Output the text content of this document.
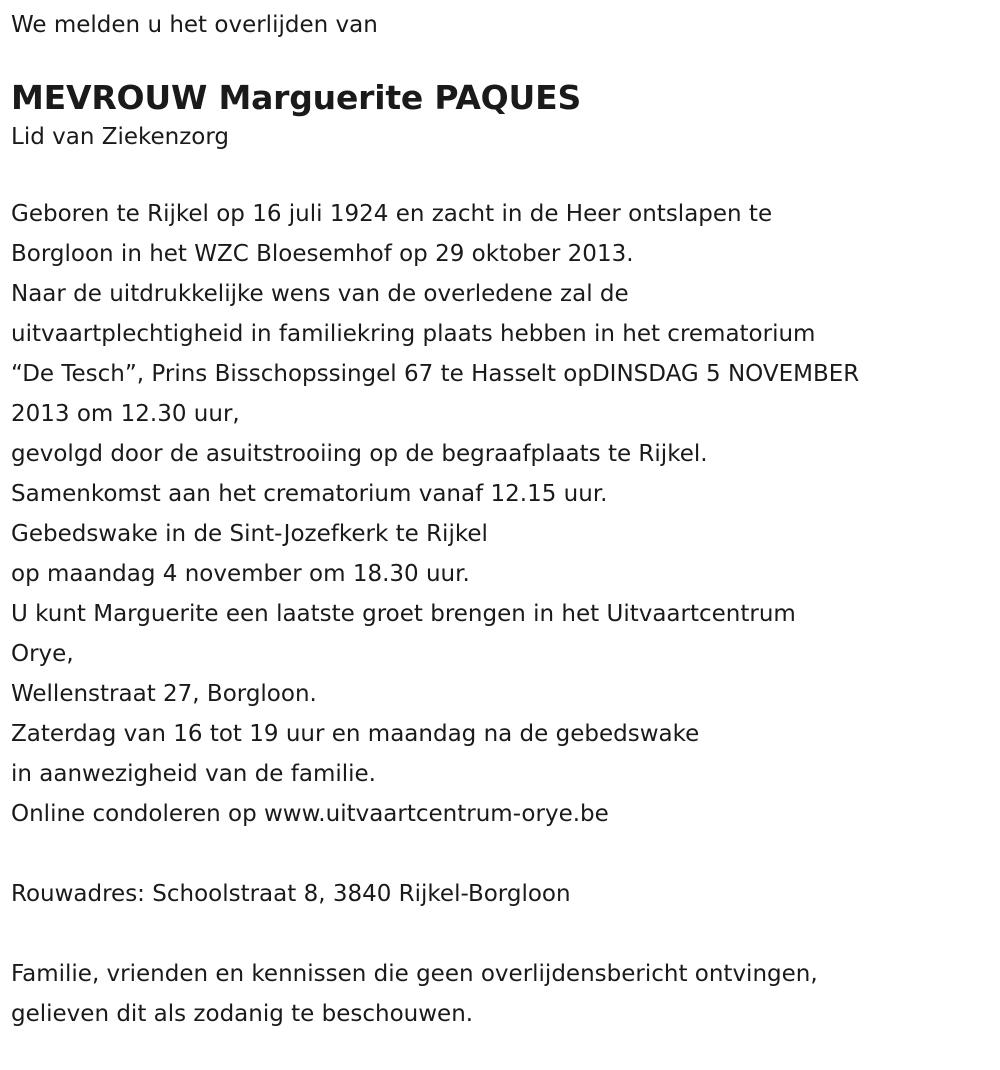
We melden u het overlijden van

MEVROUW Marguerite PAQUES

Lid van Ziekenzorg

Geboren te Rijkel op 16 juli 1924 en zacht in de Heer ontslapen te

Borgloon in het WZC Bloesemhof op 29 oktober 2013.

Naar de uitdrukkelijke wens van de overledene zal de

uitvaartplechtigheid in familiekring plaats hebben in het crematorium

“De Tesch”, Prins Bisschopssingel 67 te Hasselt opDINSDAG 5 NOVEMBER

2013 om 12.30 uur,

gevolgd door de asuitstrooiing op de begraafplaats te Rijkel.

Samenkomst aan het crematorium vanaf 12.15 uur.

Gebedswake in de Sint-Jozefkerk te Rijkel

op maandag 4 november om 18.30 uur.

U kunt Marguerite een laatste groet brengen in het Uitvaartcentrum

Orye,

Wellenstraat 27, Borgloon.

Zaterdag van 16 tot 19 uur en maandag na de gebedswake

in aanwezigheid van de familie.

Online condoleren op www.uitvaartcentrum-orye.be

Rouwadres: Schoolstraat 8, 3840 Rijkel-Borgloon

Familie, vrienden en kennissen die geen overlijdensbericht ontvingen,

gelieven dit als zodanig te beschouwen.
